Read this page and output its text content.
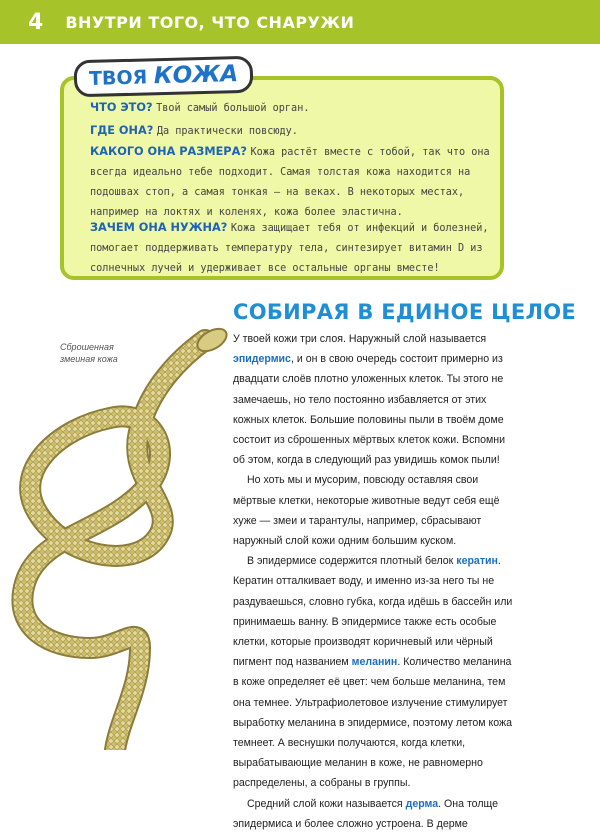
4 ВНУТРИ ТОГО, ЧТО СНАРУЖИ
ТВОЯ КОЖА
ЧТО ЭТО? Твой самый большой орган.
ГДЕ ОНА? Да практически повсюду.
КАКОГО ОНА РАЗМЕРА? Кожа растёт вместе с тобой, так что она всегда идеально тебе подходит. Самая толстая кожа находится на подошвах стоп, а самая тонкая — на веках. В некоторых местах, например на локтях и коленях, кожа более эластична.
ЗАЧЕМ ОНА НУЖНА? Кожа защищает тебя от инфекций и болезней, помогает поддерживать температуру тела, синтезирует витамин D из солнечных лучей и удерживает все остальные органы вместе!
Сброшенная
змеиная кожа
СОБИРАЯ В ЕДИНОЕ ЦЕЛОЕ

У твоей кожи три слоя. Наружный слой называется эпидермис, и он в свою очередь состоит примерно из двадцати слоёв плотно уложенных клеток. Ты этого не замечаешь, но тело постоянно избавляется от этих кожных клеток. Большие половины пыли в твоём доме состоит из сброшенных мёртвых клеток кожи. Вспомни об этом, когда в следующий раз увидишь комок пыли!

Но хоть мы и мусорим, повсюду оставляя свои мёртвые клетки, некоторые животные ведут себя ещё хуже — змеи и тарантулы, например, сбрасывают наружный слой кожи одним большим куском.

В эпидермисе содержится плотный белок кератин. Кератин отталкивает воду, и именно из-за него ты не раздуваешься, словно губка, когда идёшь в бассейн или принимаешь ванну. В эпидермисе также есть особые клетки, которые производят коричневый или чёрный пигмент под названием меланин. Количество меланина в коже определяет её цвет: чем больше меланина, тем она темнее. Ультрафиолетовое излучение стимулирует выработку меланина в эпидермисе, поэтому летом кожа темнеет. А веснушки получаются, когда клетки, вырабатывающие меланин в коже, не равномерно распределены, а собраны в группы.

Средний слой кожи называется дерма. Она толще эпидермиса и более сложно устроена. В дерме
